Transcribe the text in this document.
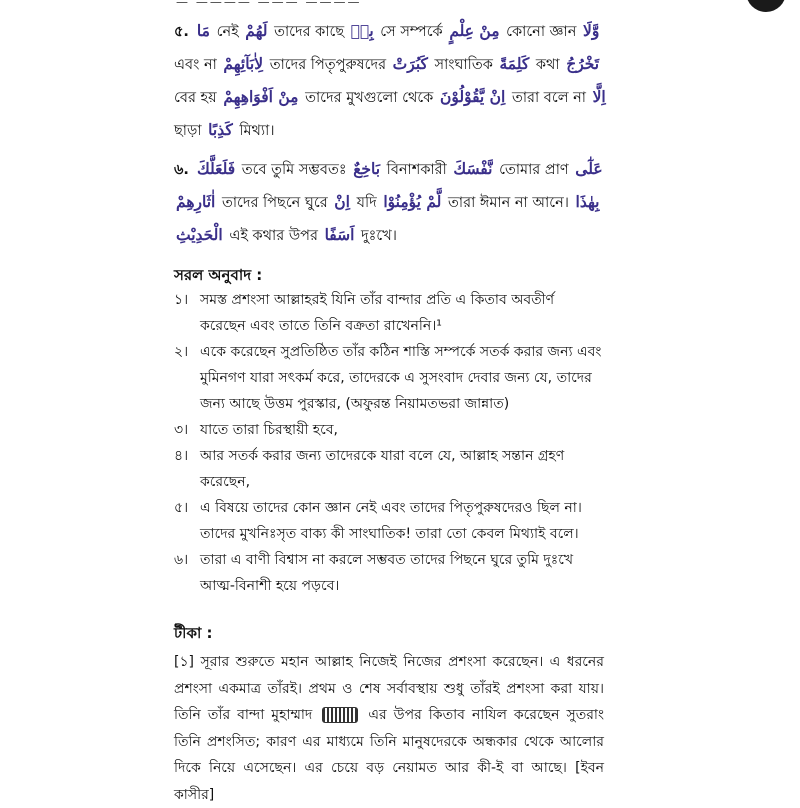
— ———— ——— ————
৫. مَا নেই لَهُمْ তাদের কাছে بِهٖ সে সম্পর্কে مِنْ عِلْمٍ কোনো জ্ঞান وَّلَا
এবং না لِاٰبَآئِهِمْ তাদের পিতৃপুরুষদের كَبُرَتْ সাংঘাতিক كَلِمَةً কথা تَخْرُجُ
বের হয় مِنْ اَفْوَاهِهِمْ তাদের মুখগুলো থেকে اِنْ يَّقُوْلُوْنَ তারা বলে না اِلَّا
ছাড়া كَذِبًا মিথ্যা।
৬. فَلَعَلَّكَ তবে তুমি সম্ভবতঃ بَاخِعٌ বিনাশকারী نَّفْسَكَ তোমার প্রাণ عَلٰٓى
اٰثَارِهِمْ তাদের পিছনে ঘুরে اِنْ যদি لَّمْ يُؤْمِنُوْا তারা ঈমান না আনে। بِهٰذَا
الْحَدِيْثِ এই কথার উপর اَسَفًا দুঃখে।
সরল অনুবাদ :
১। সমস্ত প্রশংসা আল্লাহরই যিনি তাঁর বান্দার প্রতি এ কিতাব অবতীর্ণ করেছেন এবং তাতে তিনি বক্রতা রাখেননি।¹
২। একে করেছেন সুপ্রতিষ্ঠিত তাঁর কঠিন শাস্তি সম্পর্কে সতর্ক করার জন্য এবং মুমিনগণ যারা সৎকর্ম করে, তাদেরকে এ সুসংবাদ দেবার জন্য যে, তাদের জন্য আছে উত্তম পুরস্কার, (অফুরন্ত নিয়ামতভরা জান্নাত)
৩। যাতে তারা চিরস্থায়ী হবে,
৪। আর সতর্ক করার জন্য তাদেরকে যারা বলে যে, আল্লাহ সন্তান গ্রহণ করেছেন,
৫। এ বিষয়ে তাদের কোন জ্ঞান নেই এবং তাদের পিতৃপুরুষদেরও ছিল না। তাদের মুখনিঃসৃত বাক্য কী সাংঘাতিক! তারা তো কেবল মিথ্যাই বলে।
৬। তারা এ বাণী বিশ্বাস না করলে সম্ভবত তাদের পিছনে ঘুরে তুমি দুঃখে আত্ম-বিনাশী হয়ে পড়বে।
টীকা :
[১] সূরার শুরুতে মহান আল্লাহ নিজেই নিজের প্রশংসা করেছেন। এ ধরনের প্রশংসা একমাত্র তাঁরই। প্রথম ও শেষ সর্বাবস্থায় শুধু তাঁরই প্রশংসা করা যায়। তিনি তাঁর বান্দা মুহাম্মাদ	এর উপর কিতাব নাযিল করেছেন সুতরাং তিনি প্রশংসিত; কারণ এর মাধ্যমে তিনি মানুষদেরকে অন্ধকার থেকে আলোর দিকে নিয়ে এসেছেন। এর চেয়ে বড় নেয়ামত আর কী-ই বা আছে। [ইবন কাসীর]
